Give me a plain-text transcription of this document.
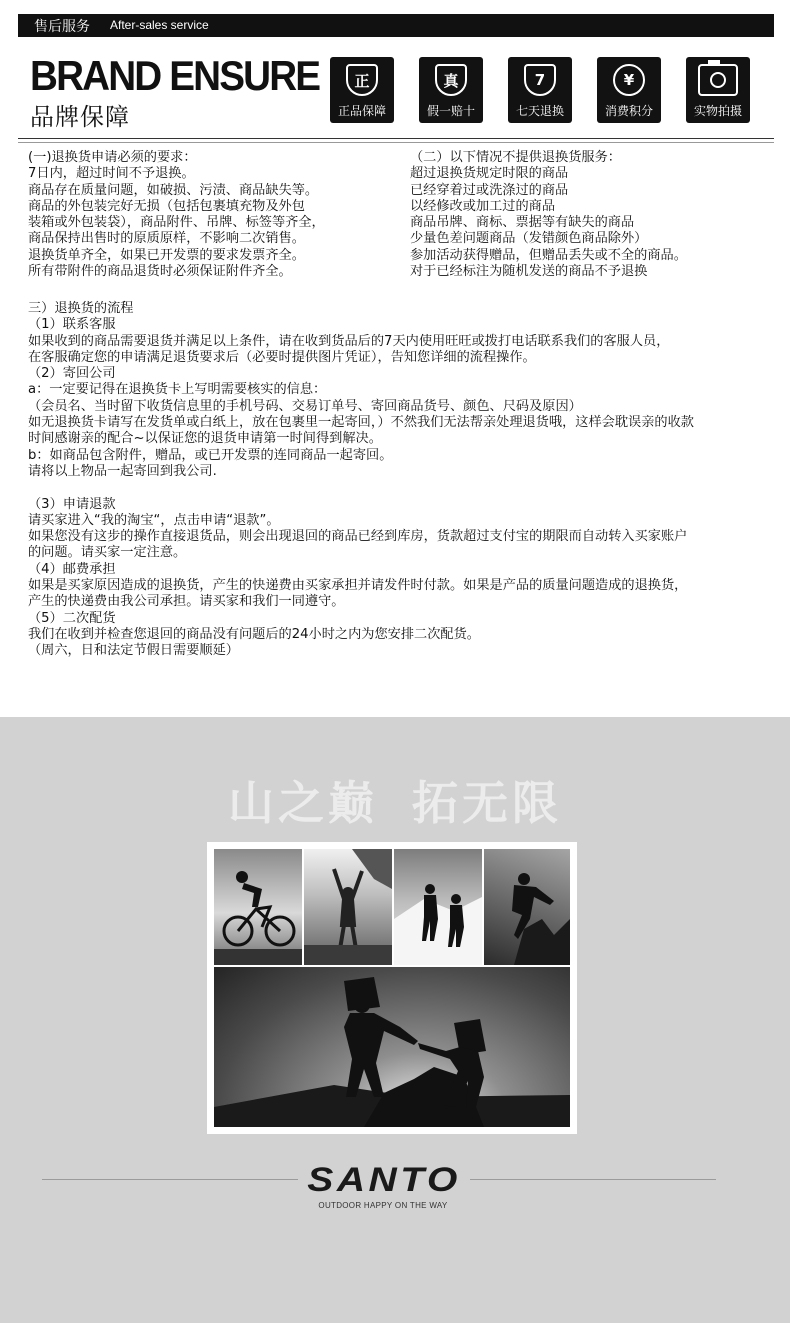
售后服务 After-sales service
BRAND ENSURE
品牌保障
正
正品保障
真
假一赔十
7
七天退换
¥
消费积分	实物拍摄
(一)退换货申请必须的要求：
7日内，超过时间不予退换。
商品存在质量问题，如破损、污渍、商品缺失等。
商品的外包装完好无损（包括包裹填充物及外包
装箱或外包装袋），商品附件、吊牌、标签等齐全，
商品保持出售时的原质原样，不影响二次销售。
退换货单齐全，如果已开发票的要求发票齐全。
所有带附件的商品退货时必须保证附件齐全。
（二）以下情况不提供退换货服务：
超过退换货规定时限的商品
已经穿着过或洗涤过的商品
以经修改或加工过的商品
商品吊牌、商标、票据等有缺失的商品
少量色差问题商品（发错颜色商品除外）
参加活动获得赠品，但赠品丢失或不全的商品。
对于已经标注为随机发送的商品不予退换
三）退换货的流程
（1）联系客服
如果收到的商品需要退货并满足以上条件，请在收到货品后的7天内使用旺旺或拨打电话联系我们的客服人员，
在客服确定您的申请满足退货要求后（必要时提供图片凭证），告知您详细的流程操作。
（2）寄回公司
a：一定要记得在退换货卡上写明需要核实的信息：
（会员名、当时留下收货信息里的手机号码、交易订单号、寄回商品货号、颜色、尺码及原因）
如无退换货卡请写在发货单或白纸上，放在包裹里一起寄回，）不然我们无法帮亲处理退货哦，这样会耽误亲的收款
时间感谢亲的配合~以保证您的退货申请第一时间得到解决。
b：如商品包含附件，赠品，或已开发票的连同商品一起寄回。
请将以上物品一起寄回到我公司.
（3）申请退款
请买家进入“我的淘宝“，点击申请“退款”。
如果您没有这步的操作直接退货品，则会出现退回的商品已经到库房，货款超过支付宝的期限而自动转入买家账户
的问题。请买家一定注意。
（4）邮费承担
如果是买家原因造成的退换货，产生的快递费由买家承担并请发件时付款。如果是产品的质量问题造成的退换货，
产生的快递费由我公司承担。请买家和我们一同遵守。
（5）二次配货
我们在收到并检查您退回的商品没有问题后的24小时之内为您安排二次配货。
（周六，日和法定节假日需要顺延）
山之巅 拓无限
SANTO
OUTDOOR HAPPY ON THE WAY
